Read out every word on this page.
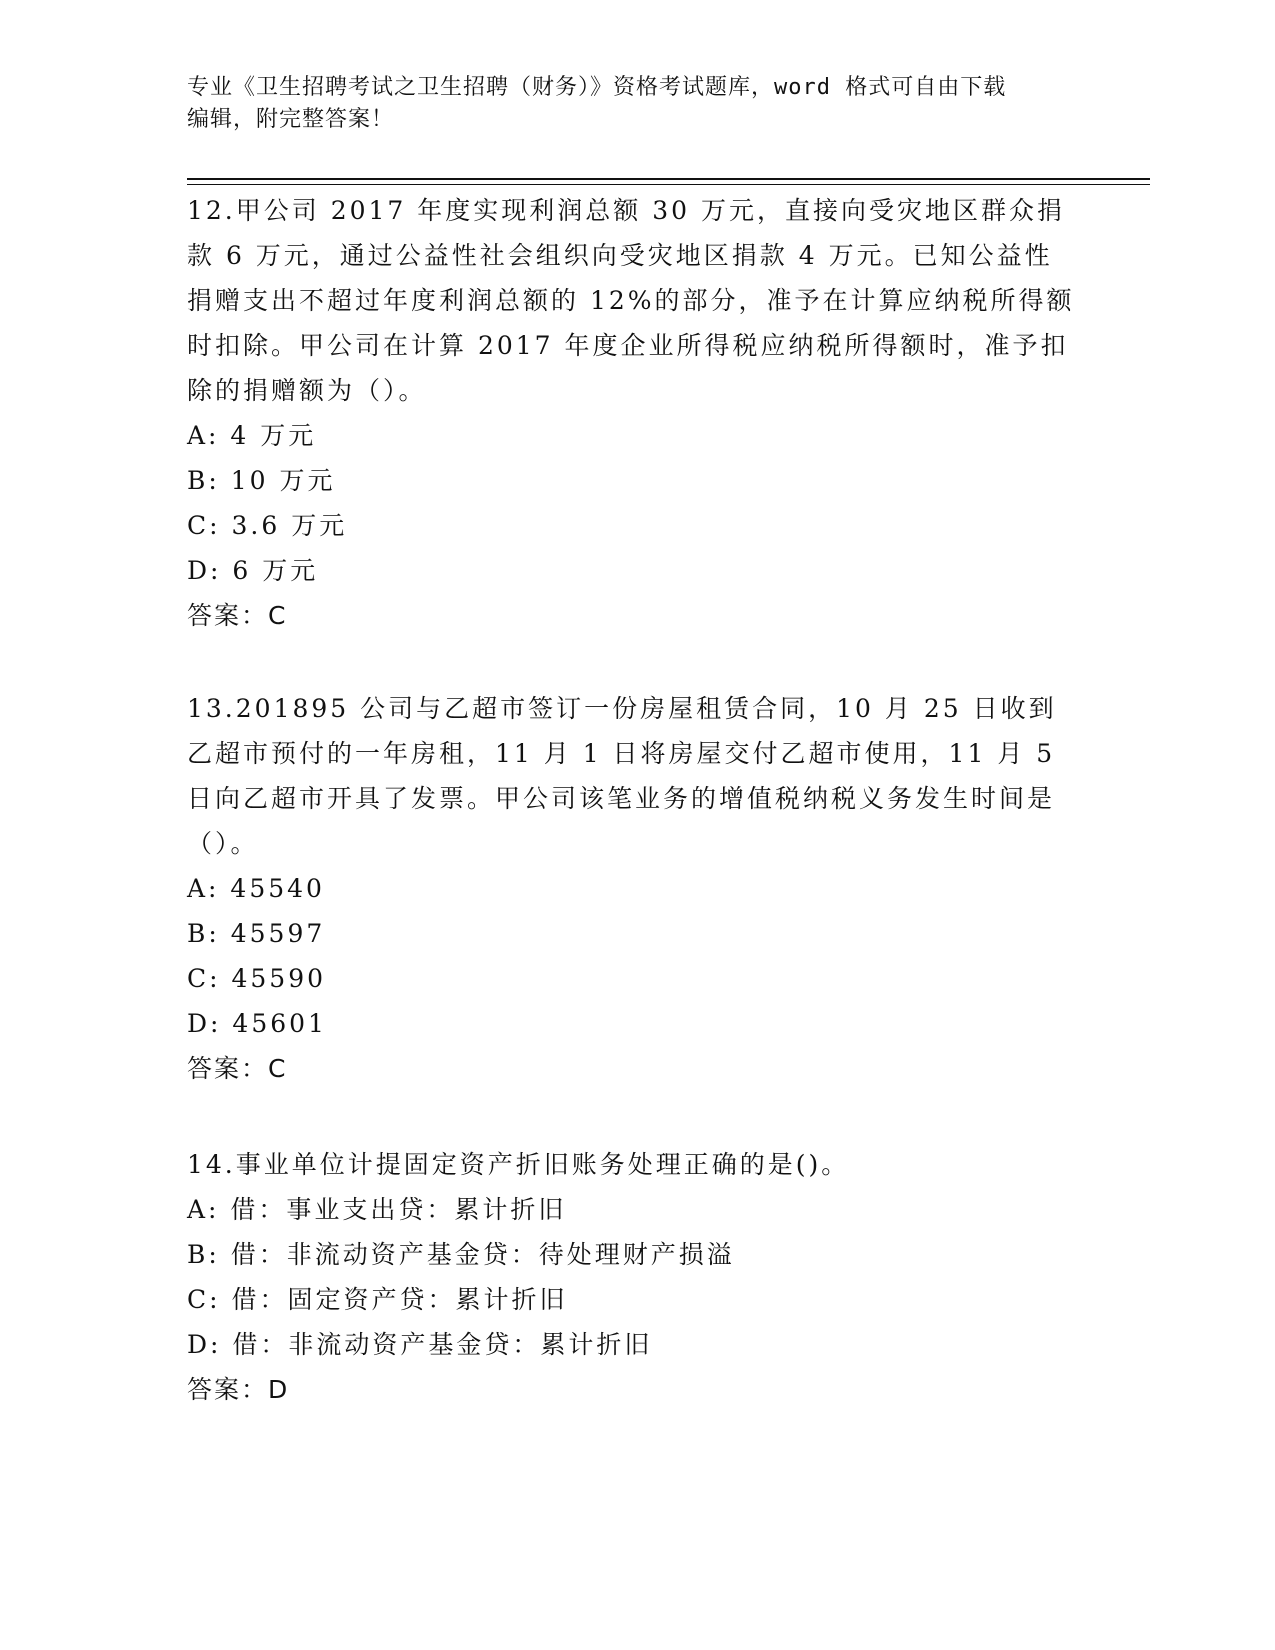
专业《卫生招聘考试之卫生招聘（财务）》资格考试题库，word 格式可自由下载
编辑，附完整答案！

12.甲公司 2017 年度实现利润总额 30 万元，直接向受灾地区群众捐款 6 万元，通过公益性社会组织向受灾地区捐款 4 万元。已知公益性捐赠支出不超过年度利润总额的 12%的部分，准予在计算应纳税所得额时扣除。甲公司在计算 2017 年度企业所得税应纳税所得额时，准予扣除的捐赠额为（）。

A: 4 万元

B: 10 万元

C: 3.6 万元

D: 6 万元

答案：C

13.201895 公司与乙超市签订一份房屋租赁合同，10 月 25 日收到乙超市预付的一年房租，11 月 1 日将房屋交付乙超市使用，11 月 5 日向乙超市开具了发票。甲公司该笔业务的增值税纳税义务发生时间是（）。

A: 45540

B: 45597

C: 45590

D: 45601

答案：C

14.事业单位计提固定资产折旧账务处理正确的是()。

A: 借：事业支出贷：累计折旧

B: 借：非流动资产基金贷：待处理财产损溢

C: 借：固定资产贷：累计折旧

D: 借：非流动资产基金贷：累计折旧

答案：D
